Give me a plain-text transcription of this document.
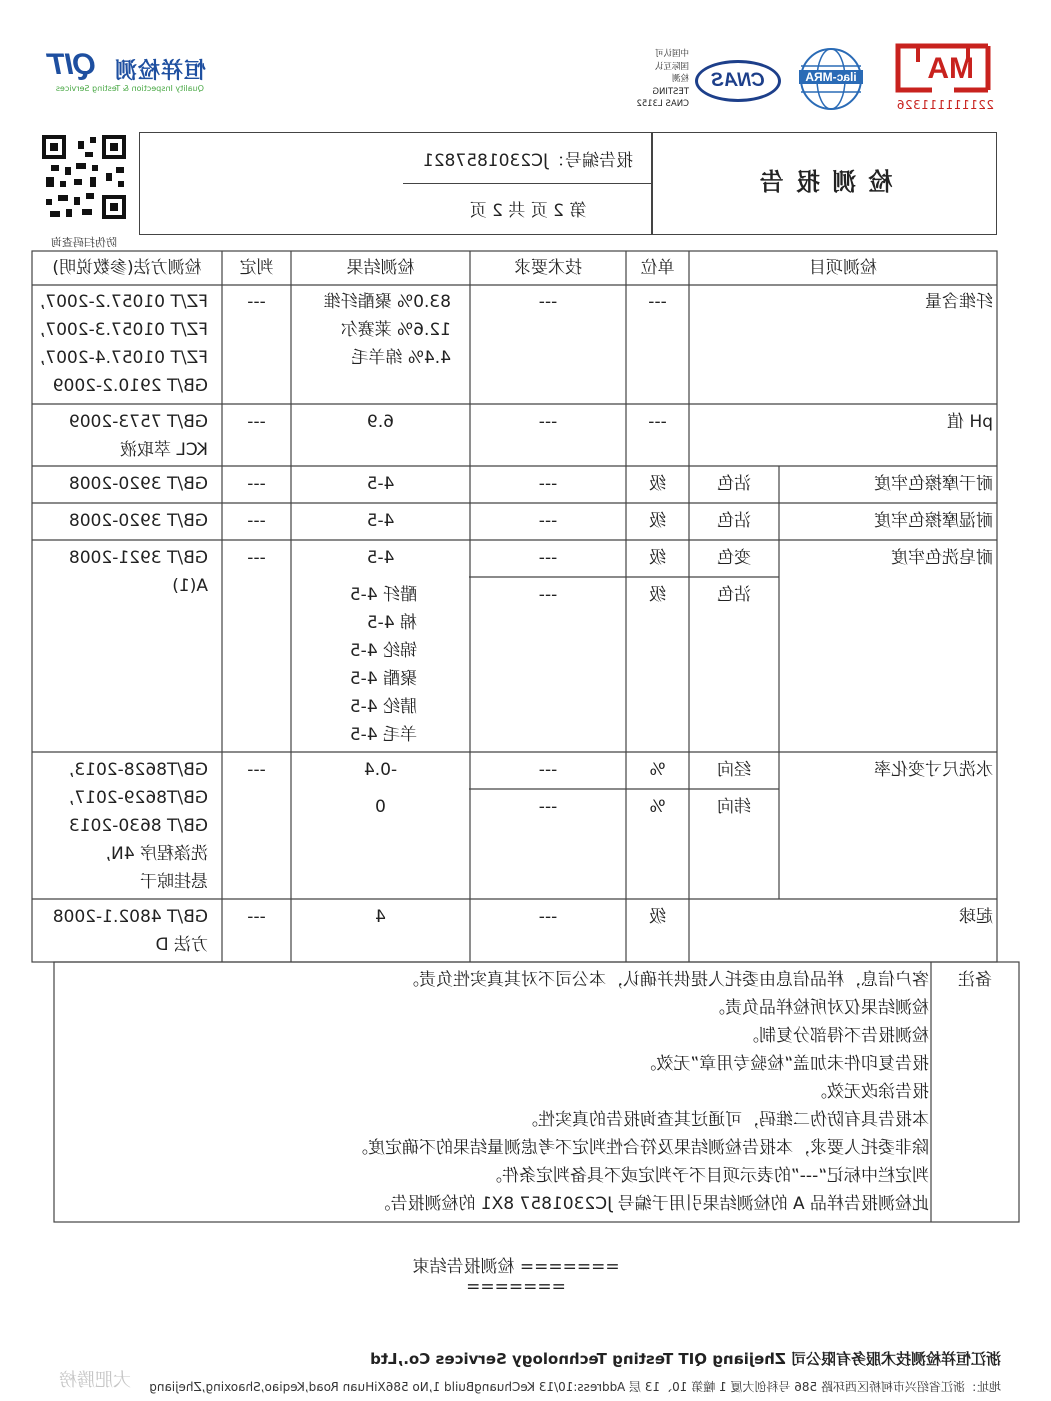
QIT 恒祥检测
Quality Inspection & Testing Services
MA
221111111326
ilac-MRA
CNAS
中国认可
国际互认
检测
TESTING
CNAS L3152
检 测 报 告
报告编号：JC2301857821
第 2 页 共 2 页
防伪扫码查询
检测项目
单位
技术要求
检测结果
判定
检测方法(参数说明)
纤维含量
---
---
83.0% 聚酯纤维
12.6% 莱赛尔
4.4% 绵羊毛
---
FZ/T 01057.2-2007,
FZ/T 01057.3-2007,
FZ/T 01057.4-2007,
GB/T 2910.2-2009
pH 值
---
---
6.9
---
GB/T 7573-2009
KCL 萃取液
耐干摩擦色牢度
沾色
级
---
4-5
---
GB/T 3920-2008
耐湿摩擦色牢度
沾色
级
---
4-5
---
GB/T 3920-2008
耐皂洗色牢度
变色
级
---
4-5
---
GB/T 3921-2008
A(1)	沾色
级
---
醋纤 4-5
棉 4-5
锦纶 4-5
聚酯 4-5
腈纶 4-5
羊毛 4-5
水洗尺寸变化率
经向
%
---
-0.4
---
GB/T8628-2013,
GB/T8629-2017,
GB/T 8630-2013
洗涤程序 4N,
悬挂晾干
纬向
%
---
0
起球
级
---
4
---
GB/T 4802.1-2008
方法 D
备注
客户信息，样品信息由委托人提供并确认，本公司不对其真实性负责。
检测结果仅对所检样品负责。
检测报告不得部分复制。
报告复印件未加盖“检验专用章”无效。
报告涂改无效。
本报告具有防伪二维码，可通过其查询报告的真实性。
除非委托人要求，本报告检测结果及符合性判定不考虑测量结果的不确定度。
判定栏中标记“---”的表示项目不予判定或不具备判定条件。
此检测报告样品 A 的检测结果引用于编号 JC2301857 8X1 的检测报告。
======= 检测报告结束 =======
浙江恒祥检测技术服务有限公司 Zhejiang QIT Testing Technology Services Co.,Ltd
地址：浙江省绍兴市柯桥区西环路 586 号科创大厦 1 幢第 10、13 层 Address:10/13 KeChuangBuild 1,No 586XiHuan Road,Keqiao,Shaoxing,Zhejiang
大肥腾榜
